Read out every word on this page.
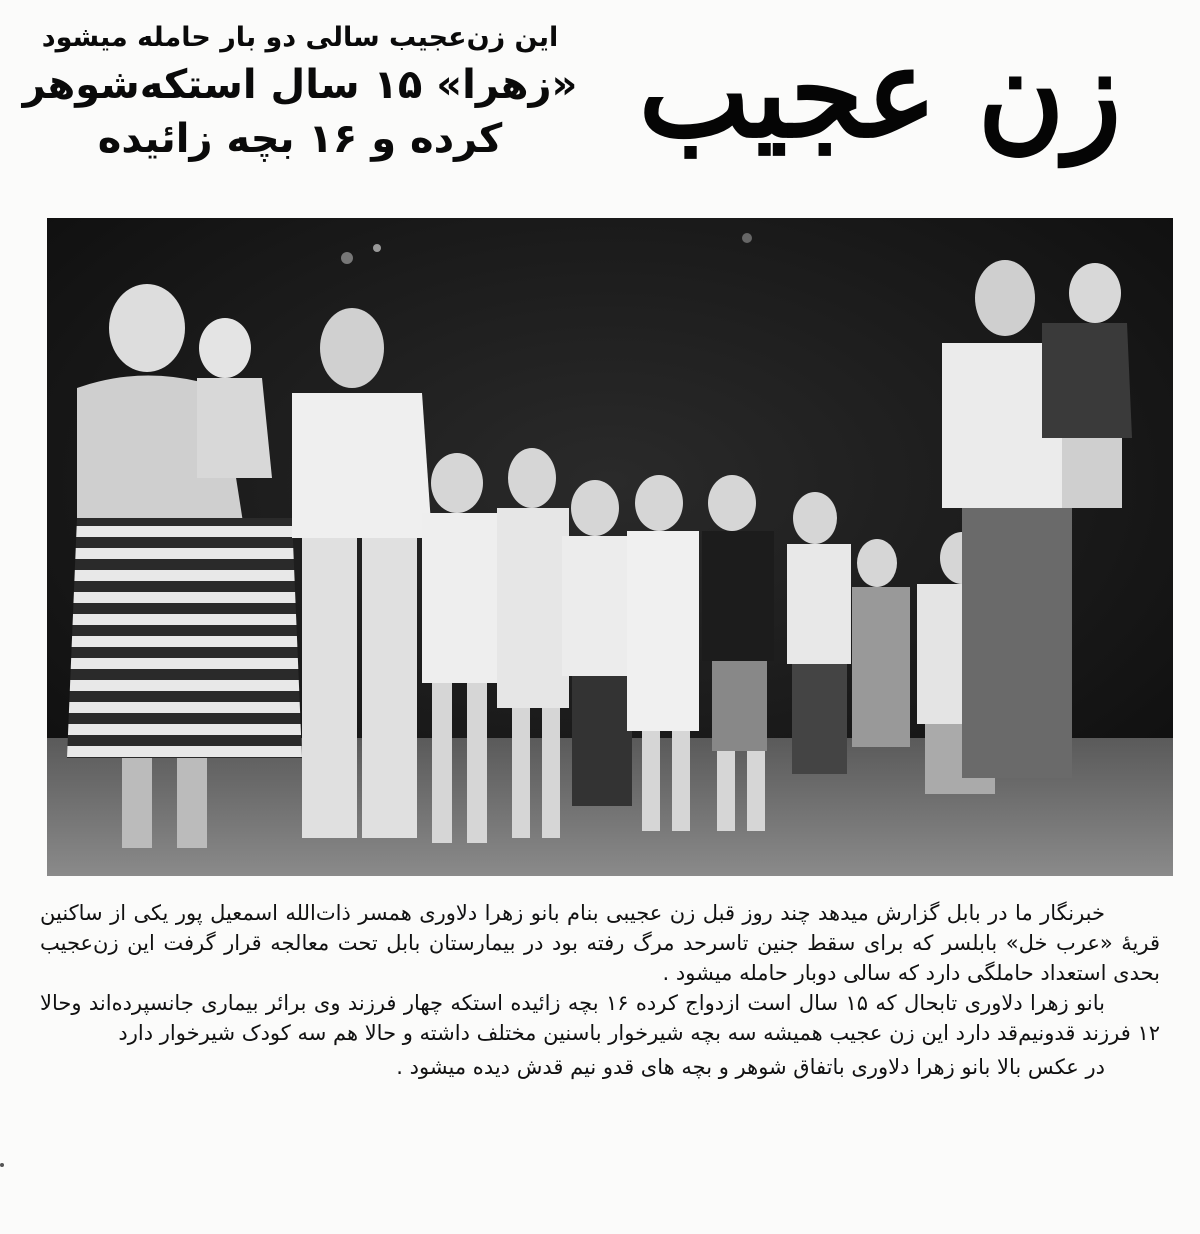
زن عجیب
این زن‌عجیب سالی دو بار حامله میشود
«زهرا» ۱۵ سال استکه‌شوهر
کرده و ۱۶ بچه زائیده

خبرنگار ما در بابل گزارش میدهد چند روز قبل زن عجیبی بنام بانو زهرا دلاوری همسر ذات‌الله اسمعیل پور یکی از ساکنین قریهٔ «عرب خل» بابلسر که برای سقط جنین تاسرحد مرگ رفته بود در بیمارستان بابل تحت معالجه قرار گرفت این زن‌عجیب بحدی استعداد حاملگی دارد که سالی دوبار حامله میشود .

بانو زهرا دلاوری تابحال که ۱۵ سال است ازدواج کرده ۱۶ بچه زائیده استکه چهار فرزند وی برائر بیماری جانسپرده‌اند وحالا ۱۲ فرزند قدونیم‌قد دارد این زن عجیب همیشه سه بچه شیرخوار باسنین مختلف داشته و حالا هم سه کودک شیرخوار دارد

در عکس بالا بانو زهرا دلاوری باتفاق شوهر و بچه های قدو نیم قدش دیده میشود .
